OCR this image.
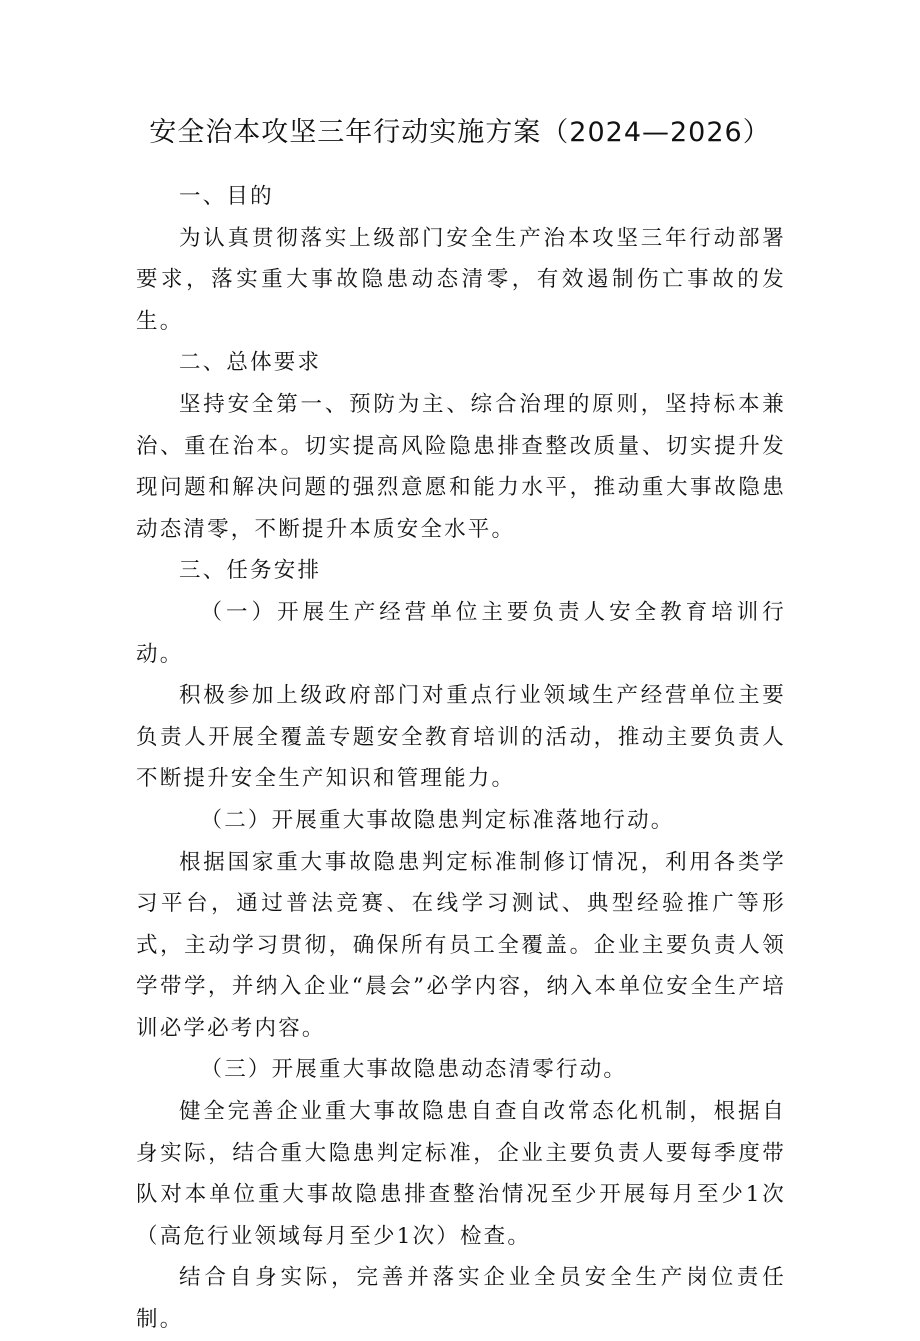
安全治本攻坚三年行动实施方案（2024—2026）

一、目的

为认真贯彻落实上级部门安全生产治本攻坚三年行动部署要求，落实重大事故隐患动态清零，有效遏制伤亡事故的发生。

二、总体要求

坚持安全第一、预防为主、综合治理的原则，坚持标本兼治、重在治本。切实提高风险隐患排查整改质量、切实提升发现问题和解决问题的强烈意愿和能力水平，推动重大事故隐患动态清零，不断提升本质安全水平。

三、任务安排

（一）开展生产经营单位主要负责人安全教育培训行动。

积极参加上级政府部门对重点行业领域生产经营单位主要负责人开展全覆盖专题安全教育培训的活动，推动主要负责人不断提升安全生产知识和管理能力。

（二）开展重大事故隐患判定标准落地行动。

根据国家重大事故隐患判定标准制修订情况，利用各类学习平台，通过普法竞赛、在线学习测试、典型经验推广等形式，主动学习贯彻，确保所有员工全覆盖。企业主要负责人领学带学，并纳入企业“晨会”必学内容，纳入本单位安全生产培训必学必考内容。

（三）开展重大事故隐患动态清零行动。

健全完善企业重大事故隐患自查自改常态化机制，根据自身实际，结合重大隐患判定标准，企业主要负责人要每季度带队对本单位重大事故隐患排查整治情况至少开展每月至少1次（高危行业领域每月至少1次）检查。

结合自身实际，完善并落实企业全员安全生产岗位责任制。
